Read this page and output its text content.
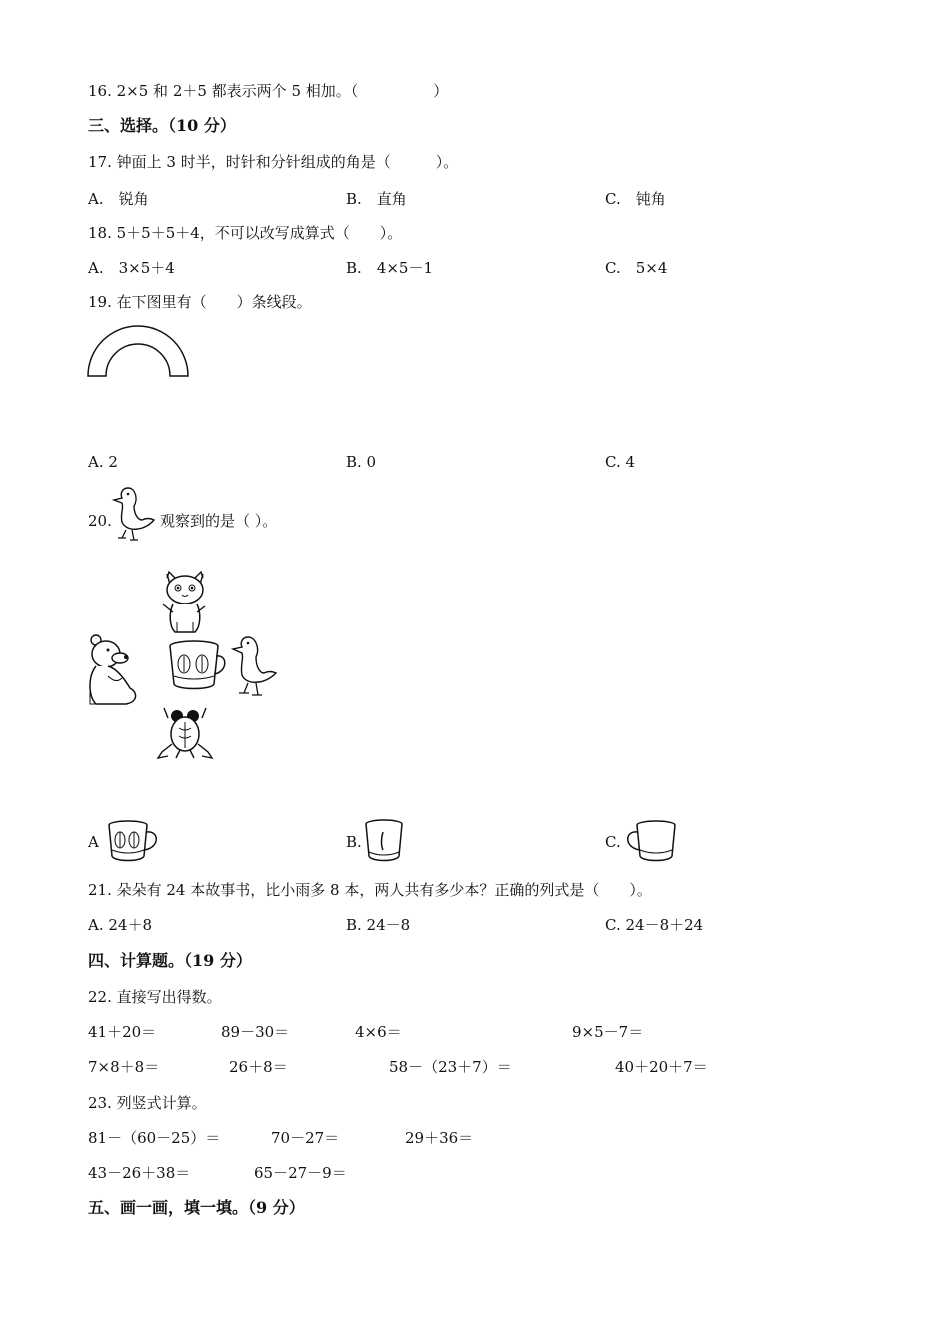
16. 2×5 和 2＋5 都表示两个 5 相加。（　　　　　）
三、选择。（10 分）
17. 钟面上 3 时半，时针和分针组成的角是（　　　）。
A.　锐角	B.　直角	C.　钝角
18. 5＋5＋5＋4，不可以改写成算式（　　）。
A.　3×5＋4	B.　4×5－1	C.　5×4
19. 在下图里有（　　）条线段。
A. 2	B. 0	C. 4
20.	观察到的是（ ）。
A	B.	C.
21. 朵朵有 24 本故事书，比小雨多 8 本，两人共有多少本？正确的列式是（　　）。
A. 24＋8	B. 24－8	C. 24－8＋24
四、计算题。（19 分）
22. 直接写出得数。
41＋20＝	89－30＝	4×6＝	9×5－7＝
7×8＋8＝	26＋8＝	58－（23＋7）＝	40＋20＋7＝
23. 列竖式计算。
81－（60－25）＝	70－27＝	29＋36＝
43－26＋38＝	65－27－9＝
五、画一画，填一填。（9 分）
